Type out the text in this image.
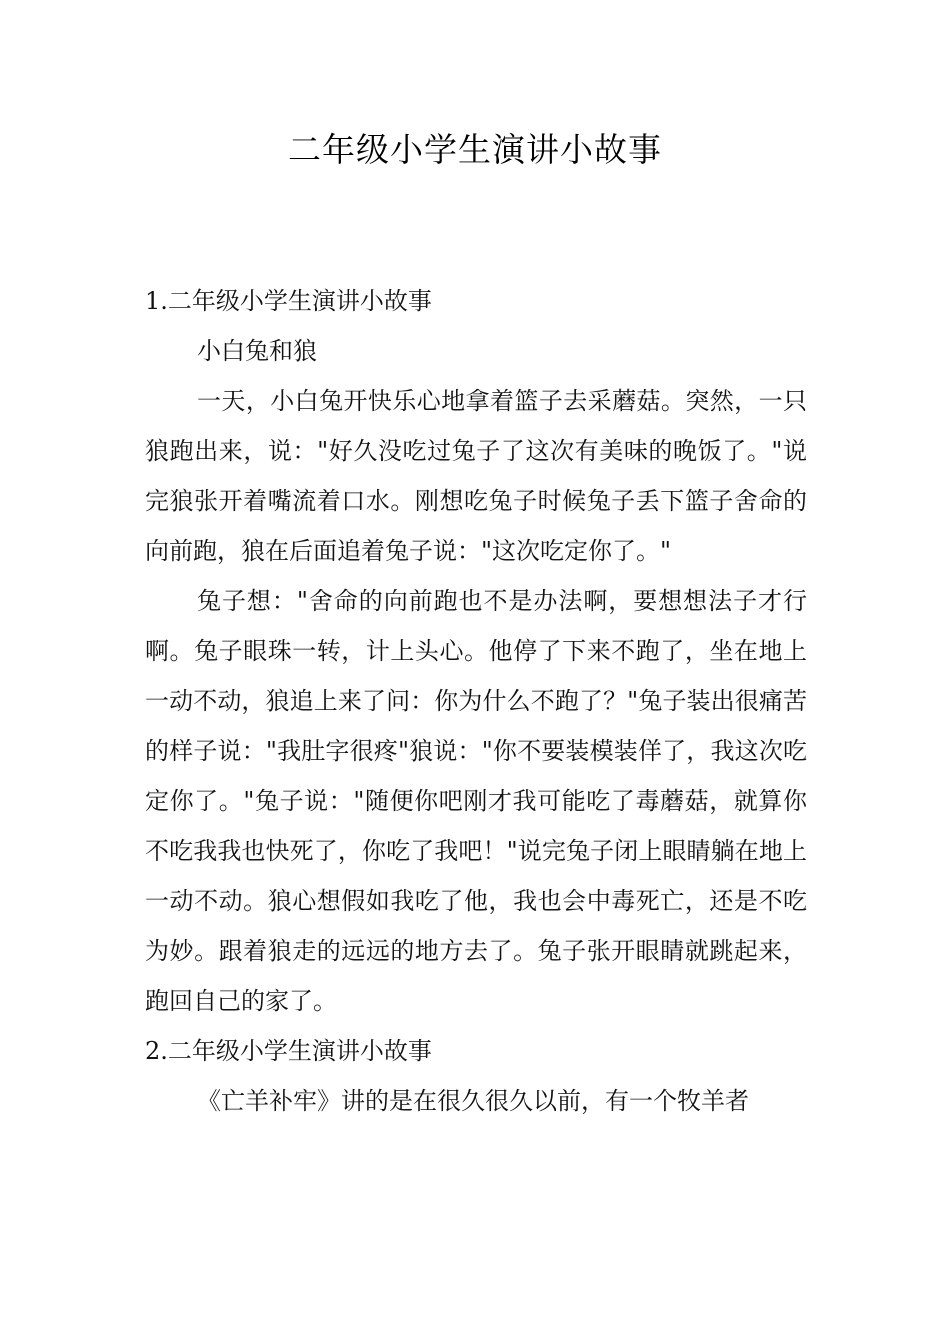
二年级小学生演讲小故事

1.二年级小学生演讲小故事

小白兔和狼

一天，小白兔开快乐心地拿着篮子去采蘑菇。突然，一只狼跑出来，说："好久没吃过兔子了这次有美味的晚饭了。"说完狼张开着嘴流着口水。刚想吃兔子时候兔子丢下篮子舍命的向前跑，狼在后面追着兔子说："这次吃定你了。"

兔子想："舍命的向前跑也不是办法啊，要想想法子才行啊。兔子眼珠一转，计上头心。他停了下来不跑了，坐在地上一动不动，狼追上来了问：你为什么不跑了？"兔子装出很痛苦的样子说："我肚字很疼"狼说："你不要装模装佯了，我这次吃定你了。"兔子说："随便你吧刚才我可能吃了毒蘑菇，就算你不吃我我也快死了，你吃了我吧！"说完兔子闭上眼睛躺在地上一动不动。狼心想假如我吃了他，我也会中毒死亡，还是不吃为妙。跟着狼走的远远的地方去了。兔子张开眼睛就跳起来，跑回自己的家了。

2.二年级小学生演讲小故事

《亡羊补牢》讲的是在很久很久以前，有一个牧羊者
